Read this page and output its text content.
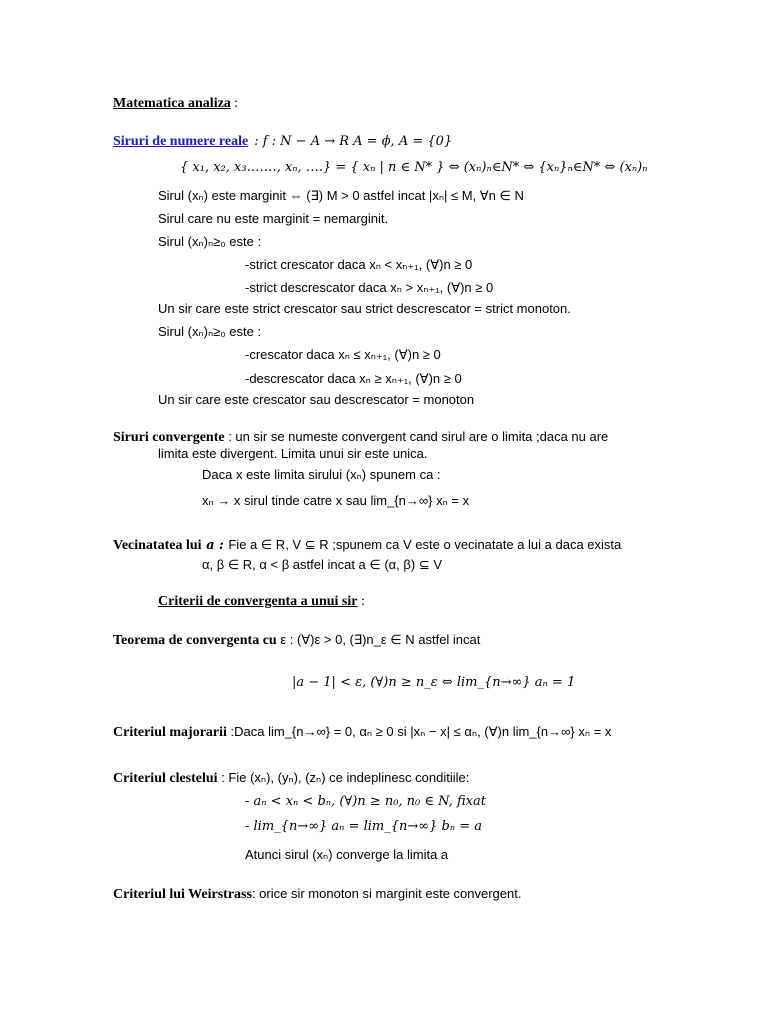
Matematica analiza :
Siruri de numere reale : f : N − A → R A = ϕ, A = {0}
{ x₁, x₂, x₃……., xₙ, ….} = { xₙ | n ∈ N* } ⇔ (xₙ)ₙ∈N* ⇔ {xₙ}ₙ∈N* ⇔ (xₙ)ₙ
Sirul (xₙ) este marginit ⇔ (∃) M > 0 astfel incat |xₙ| ≤ M, ∀n ∈ N
Sirul care nu este marginit = nemarginit.
Sirul (xₙ)ₙ≥₀ este :
-strict crescator daca xₙ < xₙ₊₁, (∀)n ≥ 0
-strict descrescator daca xₙ > xₙ₊₁, (∀)n ≥ 0
Un sir care este strict crescator sau strict descrescator = strict monoton.
Sirul (xₙ)ₙ≥₀ este :
-crescator daca xₙ ≤ xₙ₊₁, (∀)n ≥ 0
-descrescator daca xₙ ≥ xₙ₊₁, (∀)n ≥ 0
Un sir care este crescator sau descrescator = monoton
Siruri convergente : un sir se numeste convergent cand sirul are o limita ;daca nu are
limita este divergent. Limita unui sir este unica.
Daca x este limita sirului (xₙ) spunem ca :
xₙ → x sirul tinde catre x sau lim_{n→∞} xₙ = x
Vecinatatea lui a : Fie a ∈ R, V ⊆ R ;spunem ca V este o vecinatate a lui a daca exista
α, β ∈ R, α < β astfel incat a ∈ (α, β) ⊆ V
Criterii de convergenta a unui sir :
Teorema de convergenta cu ε : (∀)ε > 0, (∃)n_ε ∈ N astfel incat
|a − 1| < ε, (∀)n ≥ n_ε ⇔ lim_{n→∞} aₙ = 1
Criteriul majorarii :Daca lim_{n→∞} = 0, αₙ ≥ 0 si |xₙ − x| ≤ αₙ, (∀)n lim_{n→∞} xₙ = x
Criteriul clestelui : Fie (xₙ), (yₙ), (zₙ) ce indeplinesc conditiile:
- aₙ < xₙ < bₙ, (∀)n ≥ n₀, n₀ ∈ N, fixat
- lim_{n→∞} aₙ = lim_{n→∞} bₙ = a
Atunci sirul (xₙ) converge la limita a
Criteriul lui Weirstrass: orice sir monoton si marginit este convergent.
